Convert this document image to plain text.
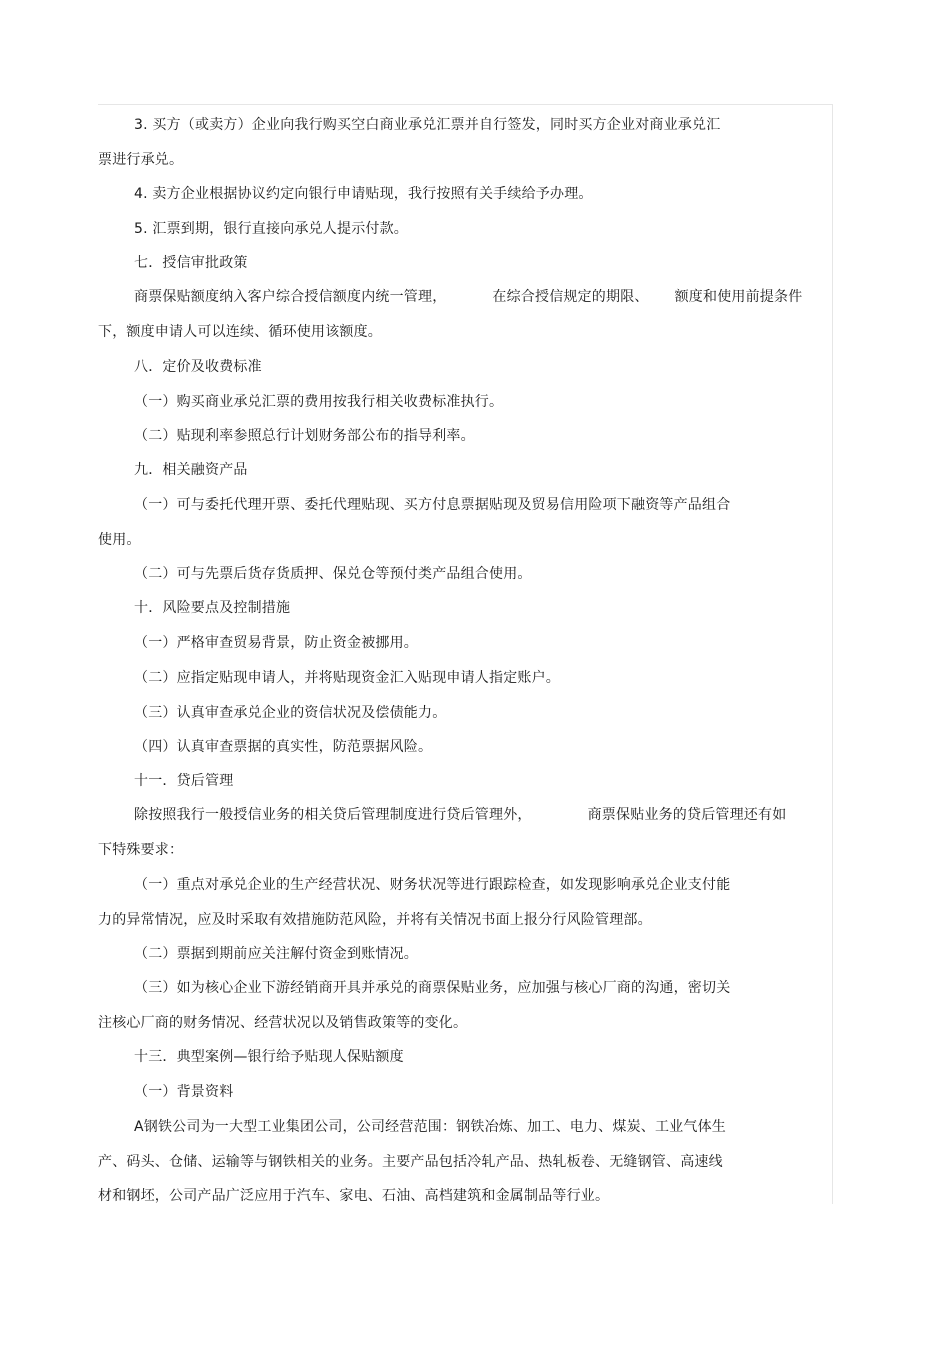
3. 买方（或卖方）企业向我行购买空白商业承兑汇票并自行签发，同时买方企业对商业承兑汇
票进行承兑。
4. 卖方企业根据协议约定向银行申请贴现，我行按照有关手续给予办理。
5. 汇票到期，银行直接向承兑人提示付款。
七．授信审批政策
商票保贴额度纳入客户综合授信额度内统一管理，	在综合授信规定的期限、 额度和使用前提条件
下，额度申请人可以连续、循环使用该额度。
八．定价及收费标准
（一）购买商业承兑汇票的费用按我行相关收费标准执行。
（二）贴现利率参照总行计划财务部公布的指导利率。
九．相关融资产品
（一）可与委托代理开票、委托代理贴现、买方付息票据贴现及贸易信用险项下融资等产品组合
使用。
（二）可与先票后货存货质押、保兑仓等预付类产品组合使用。
十．风险要点及控制措施
（一）严格审查贸易背景，防止资金被挪用。
（二）应指定贴现申请人，并将贴现资金汇入贴现申请人指定账户。
（三）认真审查承兑企业的资信状况及偿债能力。
（四）认真审查票据的真实性，防范票据风险。
十一．贷后管理
除按照我行一般授信业务的相关贷后管理制度进行贷后管理外，	商票保贴业务的贷后管理还有如
下特殊要求：
（一）重点对承兑企业的生产经营状况、财务状况等进行跟踪检查，如发现影响承兑企业支付能
力的异常情况，应及时采取有效措施防范风险，并将有关情况书面上报分行风险管理部。
（二）票据到期前应关注解付资金到账情况。
（三）如为核心企业下游经销商开具并承兑的商票保贴业务，应加强与核心厂商的沟通，密切关
注核心厂商的财务情况、经营状况以及销售政策等的变化。
十三．典型案例—银行给予贴现人保贴额度
（一）背景资料
A钢铁公司为一大型工业集团公司，公司经营范围：钢铁冶炼、加工、电力、煤炭、工业气体生
产、码头、仓储、运输等与钢铁相关的业务。主要产品包括冷轧产品、热轧板卷、无缝钢管、高速线
材和钢坯，公司产品广泛应用于汽车、家电、石油、高档建筑和金属制品等行业。
